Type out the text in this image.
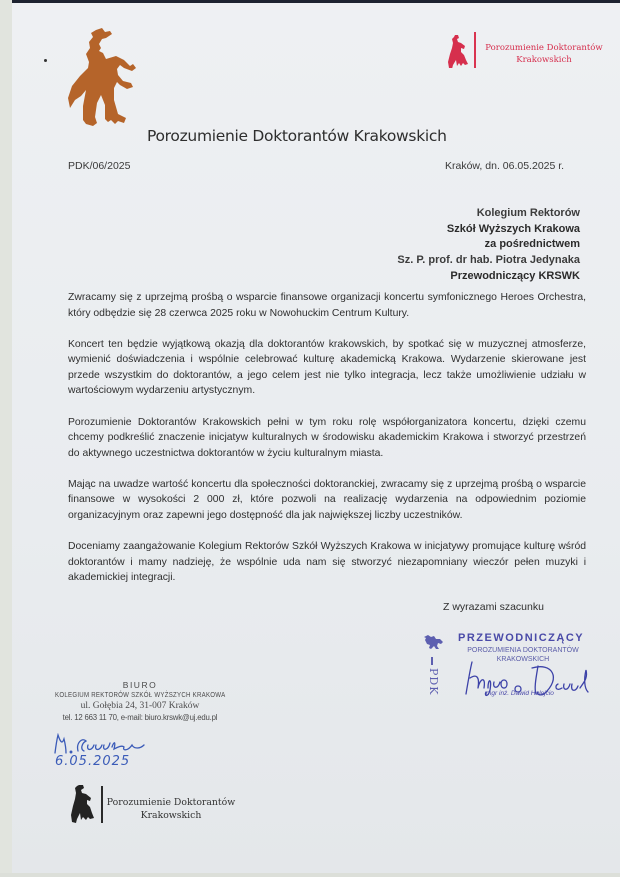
Porozumienie Doktorantów Krakowskich
Porozumienie Doktorantów
Krakowskich
PDK/06/2025	Kraków, dn. 06.05.2025 r.
Kolegium Rektorów
Szkół Wyższych Krakowa
za pośrednictwem
Sz. P. prof. dr hab. Piotra Jedynaka
Przewodniczący KRSWK

Zwracamy się z uprzejmą prośbą o wsparcie finansowe organizacji koncertu symfonicznego Heroes Orchestra, który odbędzie się 28 czerwca 2025 roku w Nowohuckim Centrum Kultury.

Koncert ten będzie wyjątkową okazją dla doktorantów krakowskich, by spotkać się w muzycznej atmosferze, wymienić doświadczenia i wspólnie celebrować kulturę akademicką Krakowa. Wydarzenie skierowane jest przede wszystkim do doktorantów, a jego celem jest nie tylko integracja, lecz także umożliwienie udziału w wartościowym wydarzeniu artystycznym.

Porozumienie Doktorantów Krakowskich pełni w tym roku rolę współorganizatora koncertu, dzięki czemu chcemy podkreślić znaczenie inicjatyw kulturalnych w środowisku akademickim Krakowa i stworzyć przestrzeń do aktywnego uczestnictwa doktorantów w życiu kulturalnym miasta.

Mając na uwadze wartość koncertu dla społeczności doktoranckiej, zwracamy się z uprzejmą prośbą o wsparcie finansowe w wysokości 2 000 zł, które pozwoli na realizację wydarzenia na odpowiednim poziomie organizacyjnym oraz zapewni jego dostępność dla jak największej liczby uczestników.

Doceniamy zaangażowanie Kolegium Rektorów Szkół Wyższych Krakowa w inicjatywy promujące kulturę wśród doktorantów i mamy nadzieję, że wspólnie uda nam się stworzyć niezapomniany wieczór pełen muzyki i akademickiej integracji.

Z wyrazami szacunku
PDK
PRZEWODNICZĄCY
POROZUMIENIA DOKTORANTÓW
KRAKOWSKICH
mgr inż. Dawid Halejcio
BIURO
KOLEGIUM REKTORÓW SZKÓŁ WYŻSZYCH KRAKOWA
ul. Gołębia 24, 31-007 Kraków
tel. 12 663 11 70, e-mail: biuro.krswk@uj.edu.pl
6.05.2025
Porozumienie Doktorantów
Krakowskich
